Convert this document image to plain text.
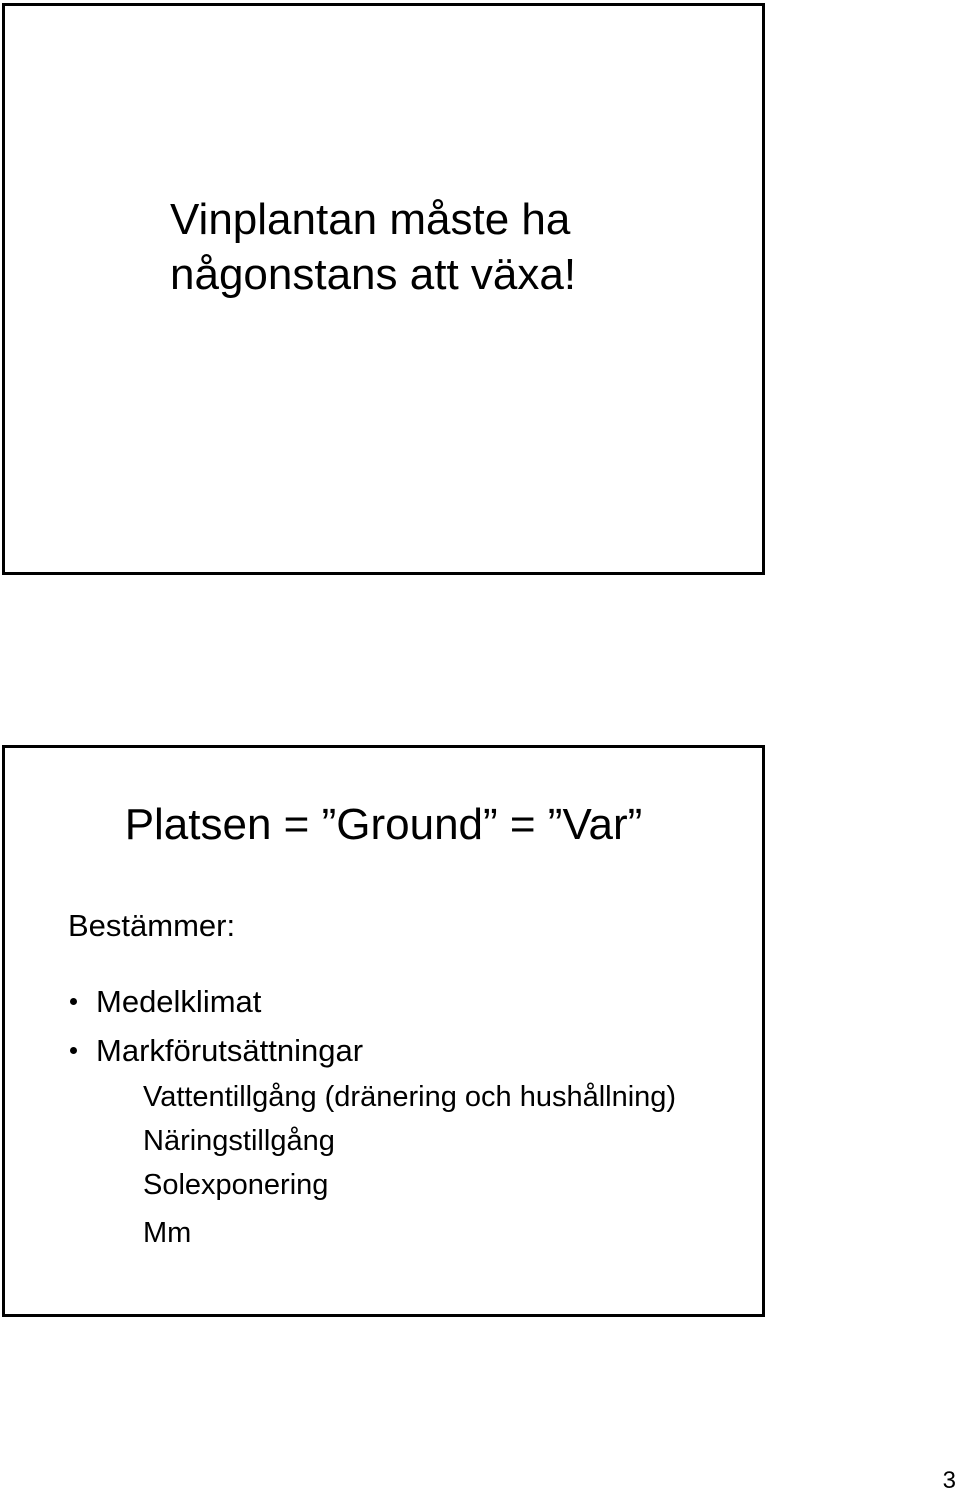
Vinplantan måste ha
någonstans att växa!
Platsen = ”Ground” = ”Var”
Bestämmer:
Medelklimat
Markförutsättningar
Vattentillgång (dränering och hushållning)
Näringstillgång
Solexponering
Mm
3
